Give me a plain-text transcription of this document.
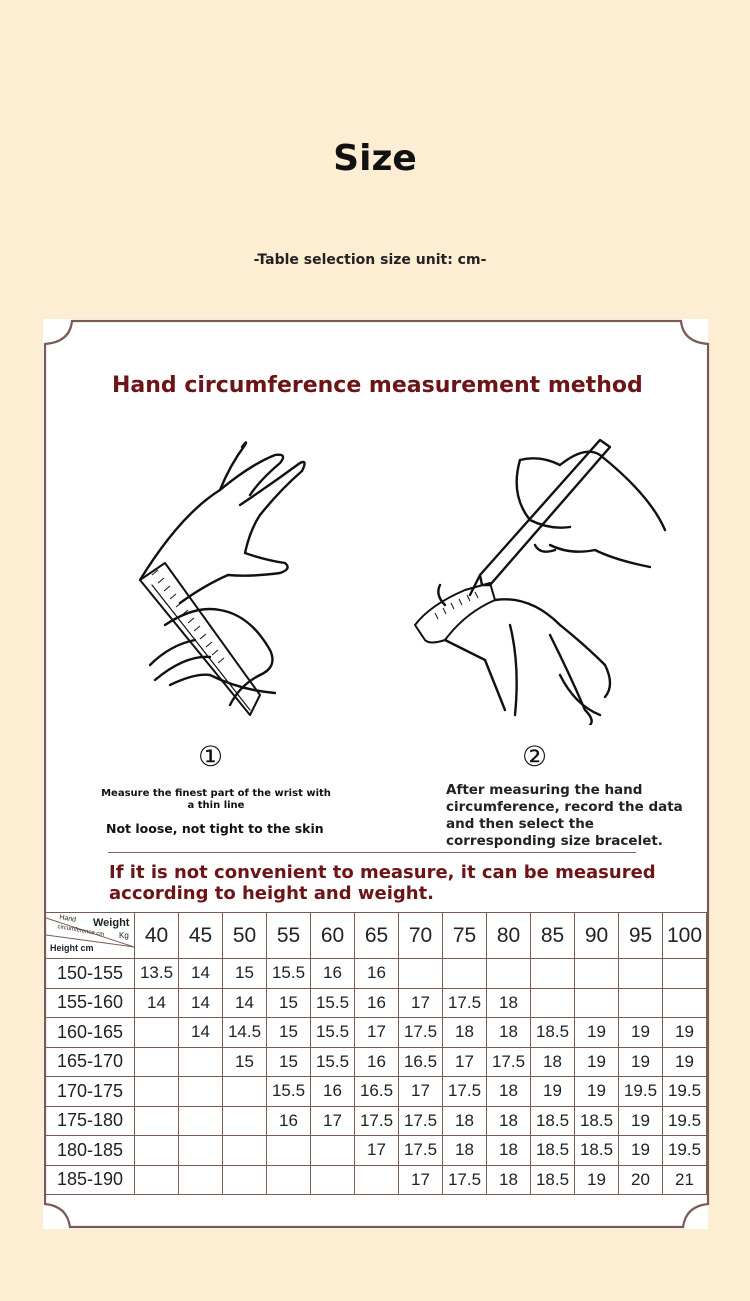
Size
-Table selection size unit: cm-
Hand circumference measurement method
①	②
Measure the finest part of the wrist with a thin line
Not loose, not tight to the skin
After measuring the hand circumference, record the data and then select the corresponding size bracelet.
If it is not convenient to measure, it can be measured according to height and weight.
Weight
Kg
Hand
circumference cm
Height cm	40	45	50	55	60	65	70	75	80	85	90	95	100
150-155	13.5	14	15	15.5	16	16							
155-160	14	14	14	15	15.5	16	17	17.5	18				
160-165		14	14.5	15	15.5	17	17.5	18	18	18.5	19	19	19
165-170			15	15	15.5	16	16.5	17	17.5	18	19	19	19
170-175				15.5	16	16.5	17	17.5	18	19	19	19.5	19.5
175-180				16	17	17.5	17.5	18	18	18.5	18.5	19	19.5
180-185						17	17.5	18	18	18.5	18.5	19	19.5
185-190							17	17.5	18	18.5	19	20	21
